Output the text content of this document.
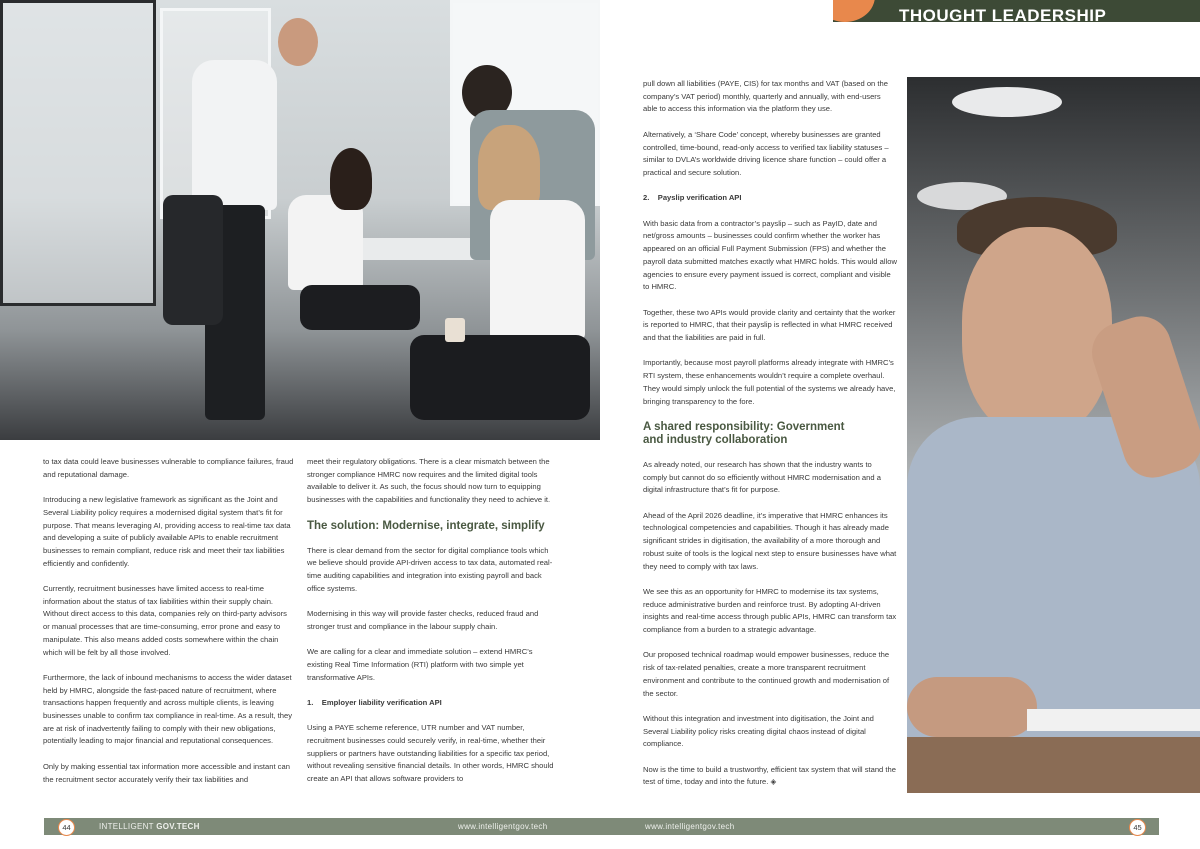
THOUGHT LEADERSHIP

to tax data could leave businesses vulnerable to compliance failures, fraud and reputational damage.

Introducing a new legislative framework as significant as the Joint and Several Liability policy requires a modernised digital system that’s fit for purpose. That means leveraging AI, providing access to real-time tax data and developing a suite of publicly available APIs to enable recruitment businesses to remain compliant, reduce risk and meet their tax liabilities efficiently and confidently.

Currently, recruitment businesses have limited access to real-time information about the status of tax liabilities within their supply chain. Without direct access to this data, companies rely on third-party advisors or manual processes that are time-consuming, error prone and easy to manipulate. This also means added costs somewhere within the chain which will be felt by all those involved.

Furthermore, the lack of inbound mechanisms to access the wider dataset held by HMRC, alongside the fast-paced nature of recruitment, where transactions happen frequently and across multiple clients, is leaving businesses unable to confirm tax compliance in real-time. As a result, they are at risk of inadvertently failing to comply with their new obligations, potentially leading to major financial and reputational consequences.

Only by making essential tax information more accessible and instant can the recruitment sector accurately verify their tax liabilities and

meet their regulatory obligations. There is a clear mismatch between the stronger compliance HMRC now requires and the limited digital tools available to deliver it. As such, the focus should now turn to equipping businesses with the capabilities and functionality they need to achieve it.

The solution: Modernise, integrate, simplify

There is clear demand from the sector for digital compliance tools which we believe should provide API-driven access to tax data, automated real-time auditing capabilities and integration into existing payroll and back office systems.

Modernising in this way will provide faster checks, reduced fraud and stronger trust and compliance in the labour supply chain.

We are calling for a clear and immediate solution – extend HMRC’s existing Real Time Information (RTI) platform with two simple yet transformative APIs.

1.    Employer liability verification API

Using a PAYE scheme reference, UTR number and VAT number, recruitment businesses could securely verify, in real-time, whether their suppliers or partners have outstanding liabilities for a specific tax period, without revealing sensitive financial details. In other words, HMRC should create an API that allows software providers to

pull down all liabilities (PAYE, CIS) for tax months and VAT (based on the company’s VAT period) monthly, quarterly and annually, with end-users able to access this information via the platform they use.

Alternatively, a ‘Share Code’ concept, whereby businesses are granted controlled, time-bound, read-only access to verified tax liability statuses – similar to DVLA’s worldwide driving licence share function – could offer a practical and secure solution.

2.    Payslip verification API

With basic data from a contractor’s payslip – such as PayID, date and net/gross amounts – businesses could confirm whether the worker has appeared on an official Full Payment Submission (FPS) and whether the payroll data submitted matches exactly what HMRC holds. This would allow agencies to ensure every payment issued is correct, compliant and visible to HMRC.

Together, these two APIs would provide clarity and certainty that the worker is reported to HMRC, that their payslip is reflected in what HMRC received and that the liabilities are paid in full.

Importantly, because most payroll platforms already integrate with HMRC’s RTI system, these enhancements wouldn’t require a complete overhaul. They would simply unlock the full potential of the systems we already have, bringing transparency to the fore.

A shared responsibility: Government
and industry collaboration

As already noted, our research has shown that the industry wants to comply but cannot do so efficiently without HMRC modernisation and a digital infrastructure that’s fit for purpose.

Ahead of the April 2026 deadline, it’s imperative that HMRC enhances its technological competencies and capabilities. Though it has already made significant strides in digitisation, the availability of a more thorough and robust suite of tools is the logical next step to ensure businesses have what they need to comply with tax laws.

We see this as an opportunity for HMRC to modernise its tax systems, reduce administrative burden and reinforce trust. By adopting AI-driven insights and real-time access through public APIs, HMRC can transform tax compliance from a burden to a strategic advantage.

Our proposed technical roadmap would empower businesses, reduce the risk of tax-related penalties, create a more transparent recruitment environment and contribute to the continued growth and modernisation of the sector.

Without this integration and investment into digitisation, the Joint and Several Liability policy risks creating digital chaos instead of digital compliance.

Now is the time to build a trustworthy, efficient tax system that will stand the test of time, today and into the future. ◈

44	INTELLIGENT GOV.TECH	www.intelligentgov.tech	www.intelligentgov.tech	45
